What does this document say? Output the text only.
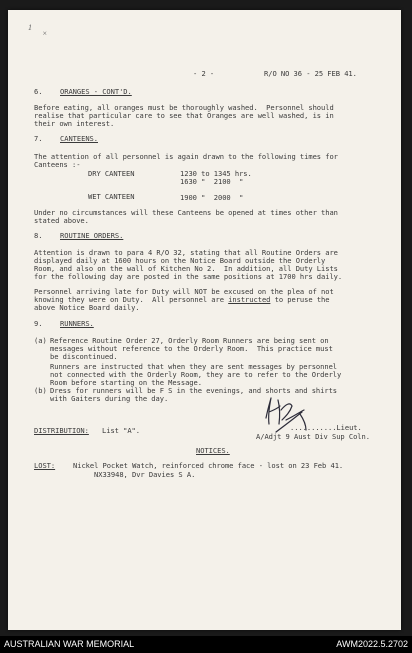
1
×
- 2 -	R/O NO 36 - 25 FEB 41.
6. ORANGES - CONT'D.
Before eating, all oranges must be thoroughly washed.  Personnel should
realise that particular care to see that Oranges are well washed, is in
their own interest.
7. CANTEENS.
The attention of all personnel is again drawn to the following times for
Canteens :-
DRY CANTEEN	1230 to 1345 hrs.
1630 "  2100  "
WET CANTEEN	1900 "  2000  "
Under no circumstances will these Canteens be opened at times other than
stated above.
8. ROUTINE ORDERS.
Attention is drawn to para 4 R/O 32, stating that all Routine Orders are
displayed daily at 1600 hours on the Notice Board outside the Orderly
Room, and also on the wall of Kitchen No 2.  In addition, all Duty Lists
for the following day are posted in the same positions at 1700 hrs daily.
Personnel arriving late for Duty will NOT be excused on the plea of not
knowing they were on Duty.  All personnel are instructed to peruse the
above Notice Board daily.
9. RUNNERS.
(a) Reference Routine Order 27, Orderly Room Runners are being sent on
messages without reference to the Orderly Room.  This practice must
be discontinued.
Runners are instructed that when they are sent messages by personnel
not connected with the Orderly Room, they are to refer to the Orderly
Room before starting on the Message.
(b) Dress for runners will be F S in the evenings, and shorts and shirts
with Gaiters during the day.
...........Lieut.
A/Adjt 9 Aust Div Sup Coln.
DISTRIBUTION: List "A".
NOTICES.
LOST:	Nickel Pocket Watch, reinforced chrome face - lost on 23 Feb 41.
NX33948, Dvr Davies S A.
AUSTRALIAN WAR MEMORIAL	AWM2022.5.2702
